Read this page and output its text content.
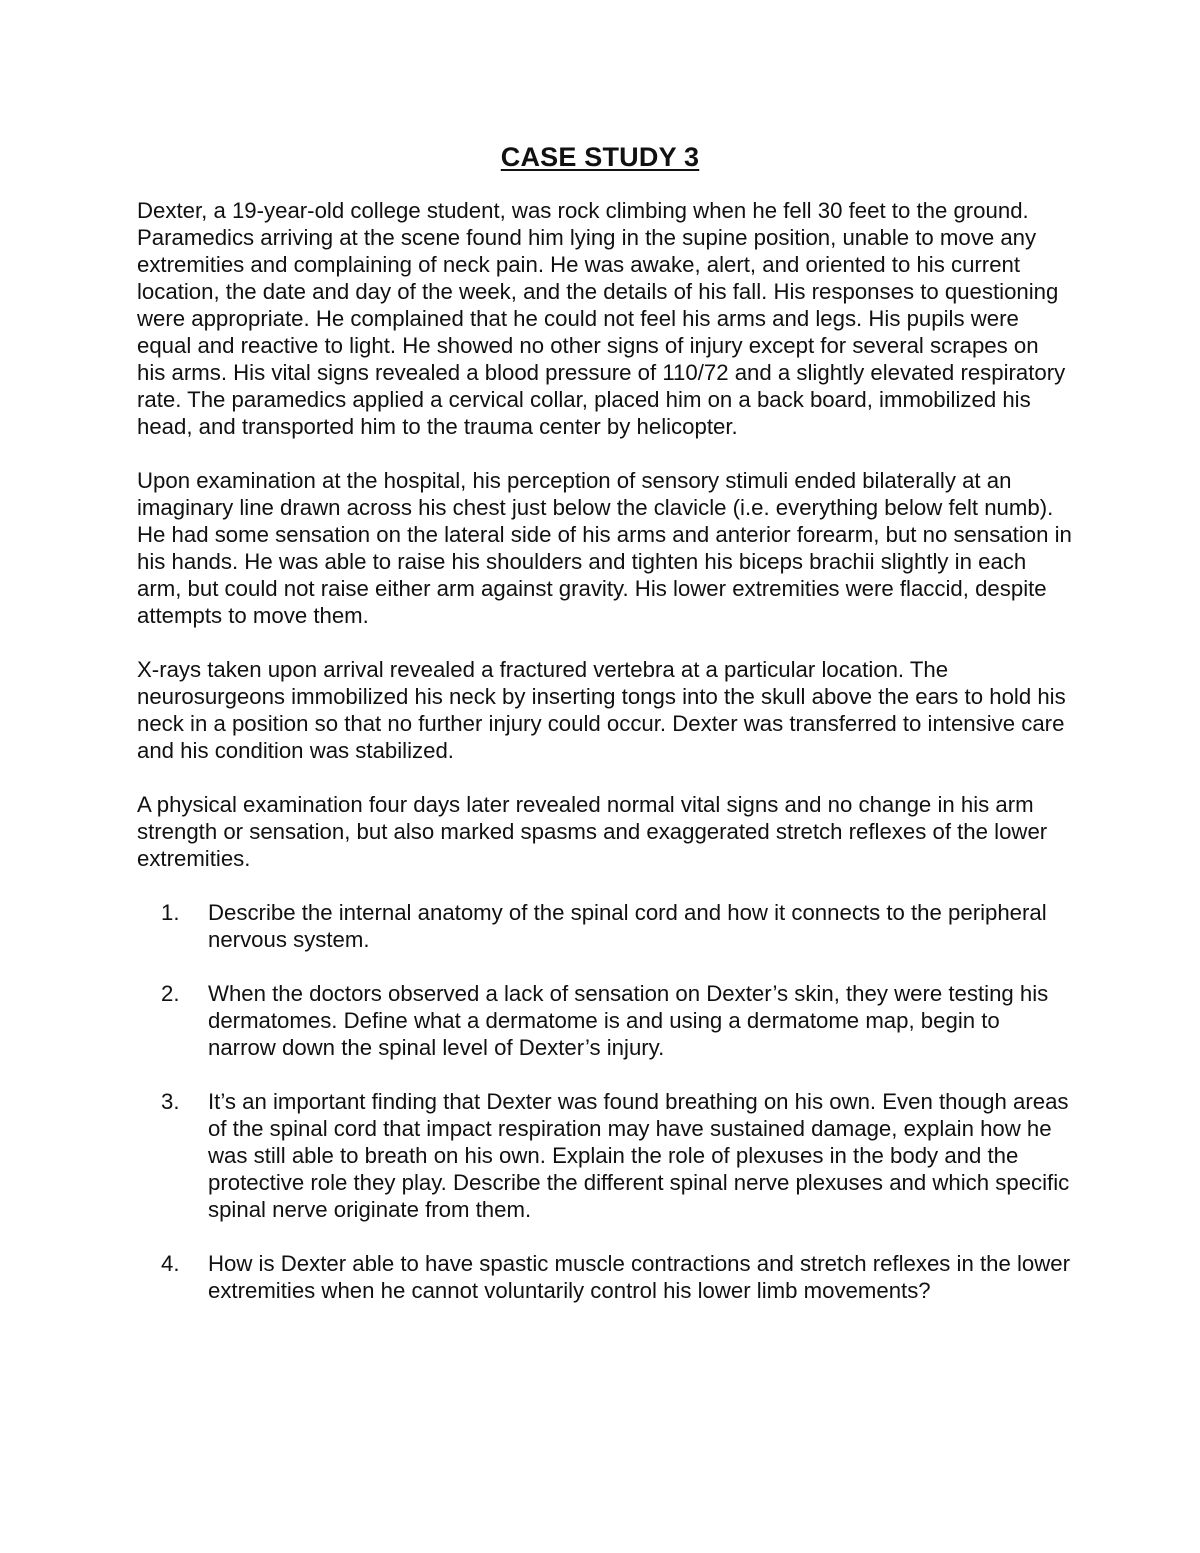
CASE STUDY 3

Dexter, a 19-year-old college student, was rock climbing when he fell 30 feet to the ground. Paramedics arriving at the scene found him lying in the supine position, unable to move any extremities and complaining of neck pain. He was awake, alert, and oriented to his current location, the date and day of the week, and the details of his fall. His responses to questioning were appropriate. He complained that he could not feel his arms and legs. His pupils were equal and reactive to light. He showed no other signs of injury except for several scrapes on his arms. His vital signs revealed a blood pressure of 110/72 and a slightly elevated respiratory rate. The paramedics applied a cervical collar, placed him on a back board, immobilized his head, and transported him to the trauma center by helicopter.

Upon examination at the hospital, his perception of sensory stimuli ended bilaterally at an imaginary line drawn across his chest just below the clavicle (i.e. everything below felt numb). He had some sensation on the lateral side of his arms and anterior forearm, but no sensation in his hands. He was able to raise his shoulders and tighten his biceps brachii slightly in each arm, but could not raise either arm against gravity. His lower extremities were flaccid, despite attempts to move them.

X-rays taken upon arrival revealed a fractured vertebra at a particular location. The neurosurgeons immobilized his neck by inserting tongs into the skull above the ears to hold his neck in a position so that no further injury could occur. Dexter was transferred to intensive care and his condition was stabilized.

A physical examination four days later revealed normal vital signs and no change in his arm strength or sensation, but also marked spasms and exaggerated stretch reflexes of the lower extremities.

1. Describe the internal anatomy of the spinal cord and how it connects to the peripheral nervous system.
2. When the doctors observed a lack of sensation on Dexter’s skin, they were testing his dermatomes. Define what a dermatome is and using a dermatome map, begin to narrow down the spinal level of Dexter’s injury.
3. It’s an important finding that Dexter was found breathing on his own. Even though areas of the spinal cord that impact respiration may have sustained damage, explain how he was still able to breath on his own. Explain the role of plexuses in the body and the protective role they play. Describe the different spinal nerve plexuses and which specific spinal nerve originate from them.
4. How is Dexter able to have spastic muscle contractions and stretch reflexes in the lower extremities when he cannot voluntarily control his lower limb movements?
